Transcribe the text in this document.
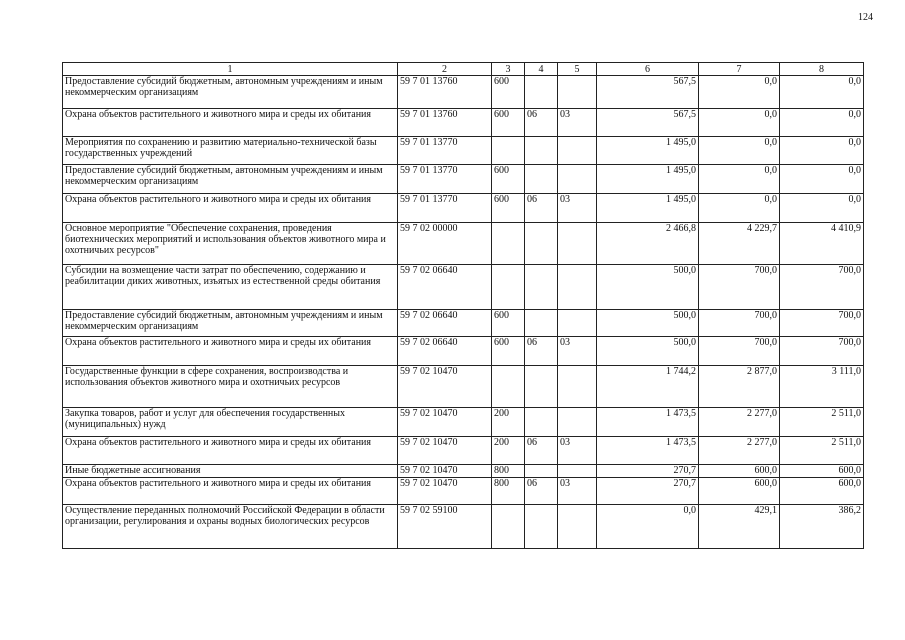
124
1	2	3	4	5	6	7	8
Предоставление субсидий бюджетным, автономным учреждениям и иным некоммерческим организациям	59 7 01 13760	600			567,5	0,0	0,0
Охрана объектов растительного и животного мира и среды их обитания	59 7 01 13760	600	06	03	567,5	0,0	0,0
Мероприятия по сохранению и развитию материально-технической базы государственных учреждений	59 7 01 13770				1 495,0	0,0	0,0
Предоставление субсидий бюджетным, автономным учреждениям и иным некоммерческим организациям	59 7 01 13770	600			1 495,0	0,0	0,0
Охрана объектов растительного и животного мира и среды их обитания	59 7 01 13770	600	06	03	1 495,0	0,0	0,0
Основное мероприятие "Обеспечение сохранения, проведения биотехнических мероприятий и использования объектов животного мира и охотничьих ресурсов"	59 7 02 00000				2 466,8	4 229,7	4 410,9
Субсидии на возмещение части затрат по обеспечению, содержанию и реабилитации диких животных, изъятых из естественной среды обитания	59 7 02 06640				500,0	700,0	700,0
Предоставление субсидий бюджетным, автономным учреждениям и иным некоммерческим организациям	59 7 02 06640	600			500,0	700,0	700,0
Охрана объектов растительного и животного мира и среды их обитания	59 7 02 06640	600	06	03	500,0	700,0	700,0
Государственные функции в сфере сохранения, воспроизводства и использования объектов животного мира и охотничьих ресурсов	59 7 02 10470				1 744,2	2 877,0	3 111,0
Закупка товаров, работ и услуг для обеспечения государственных (муниципальных) нужд	59 7 02 10470	200			1 473,5	2 277,0	2 511,0
Охрана объектов растительного и животного мира и среды их обитания	59 7 02 10470	200	06	03	1 473,5	2 277,0	2 511,0
Иные бюджетные ассигнования	59 7 02 10470	800			270,7	600,0	600,0
Охрана объектов растительного и животного мира и среды их обитания	59 7 02 10470	800	06	03	270,7	600,0	600,0
Осуществление переданных полномочий Российской Федерации в области организации, регулирования и охраны водных биологических ресурсов	59 7 02 59100				0,0	429,1	386,2
